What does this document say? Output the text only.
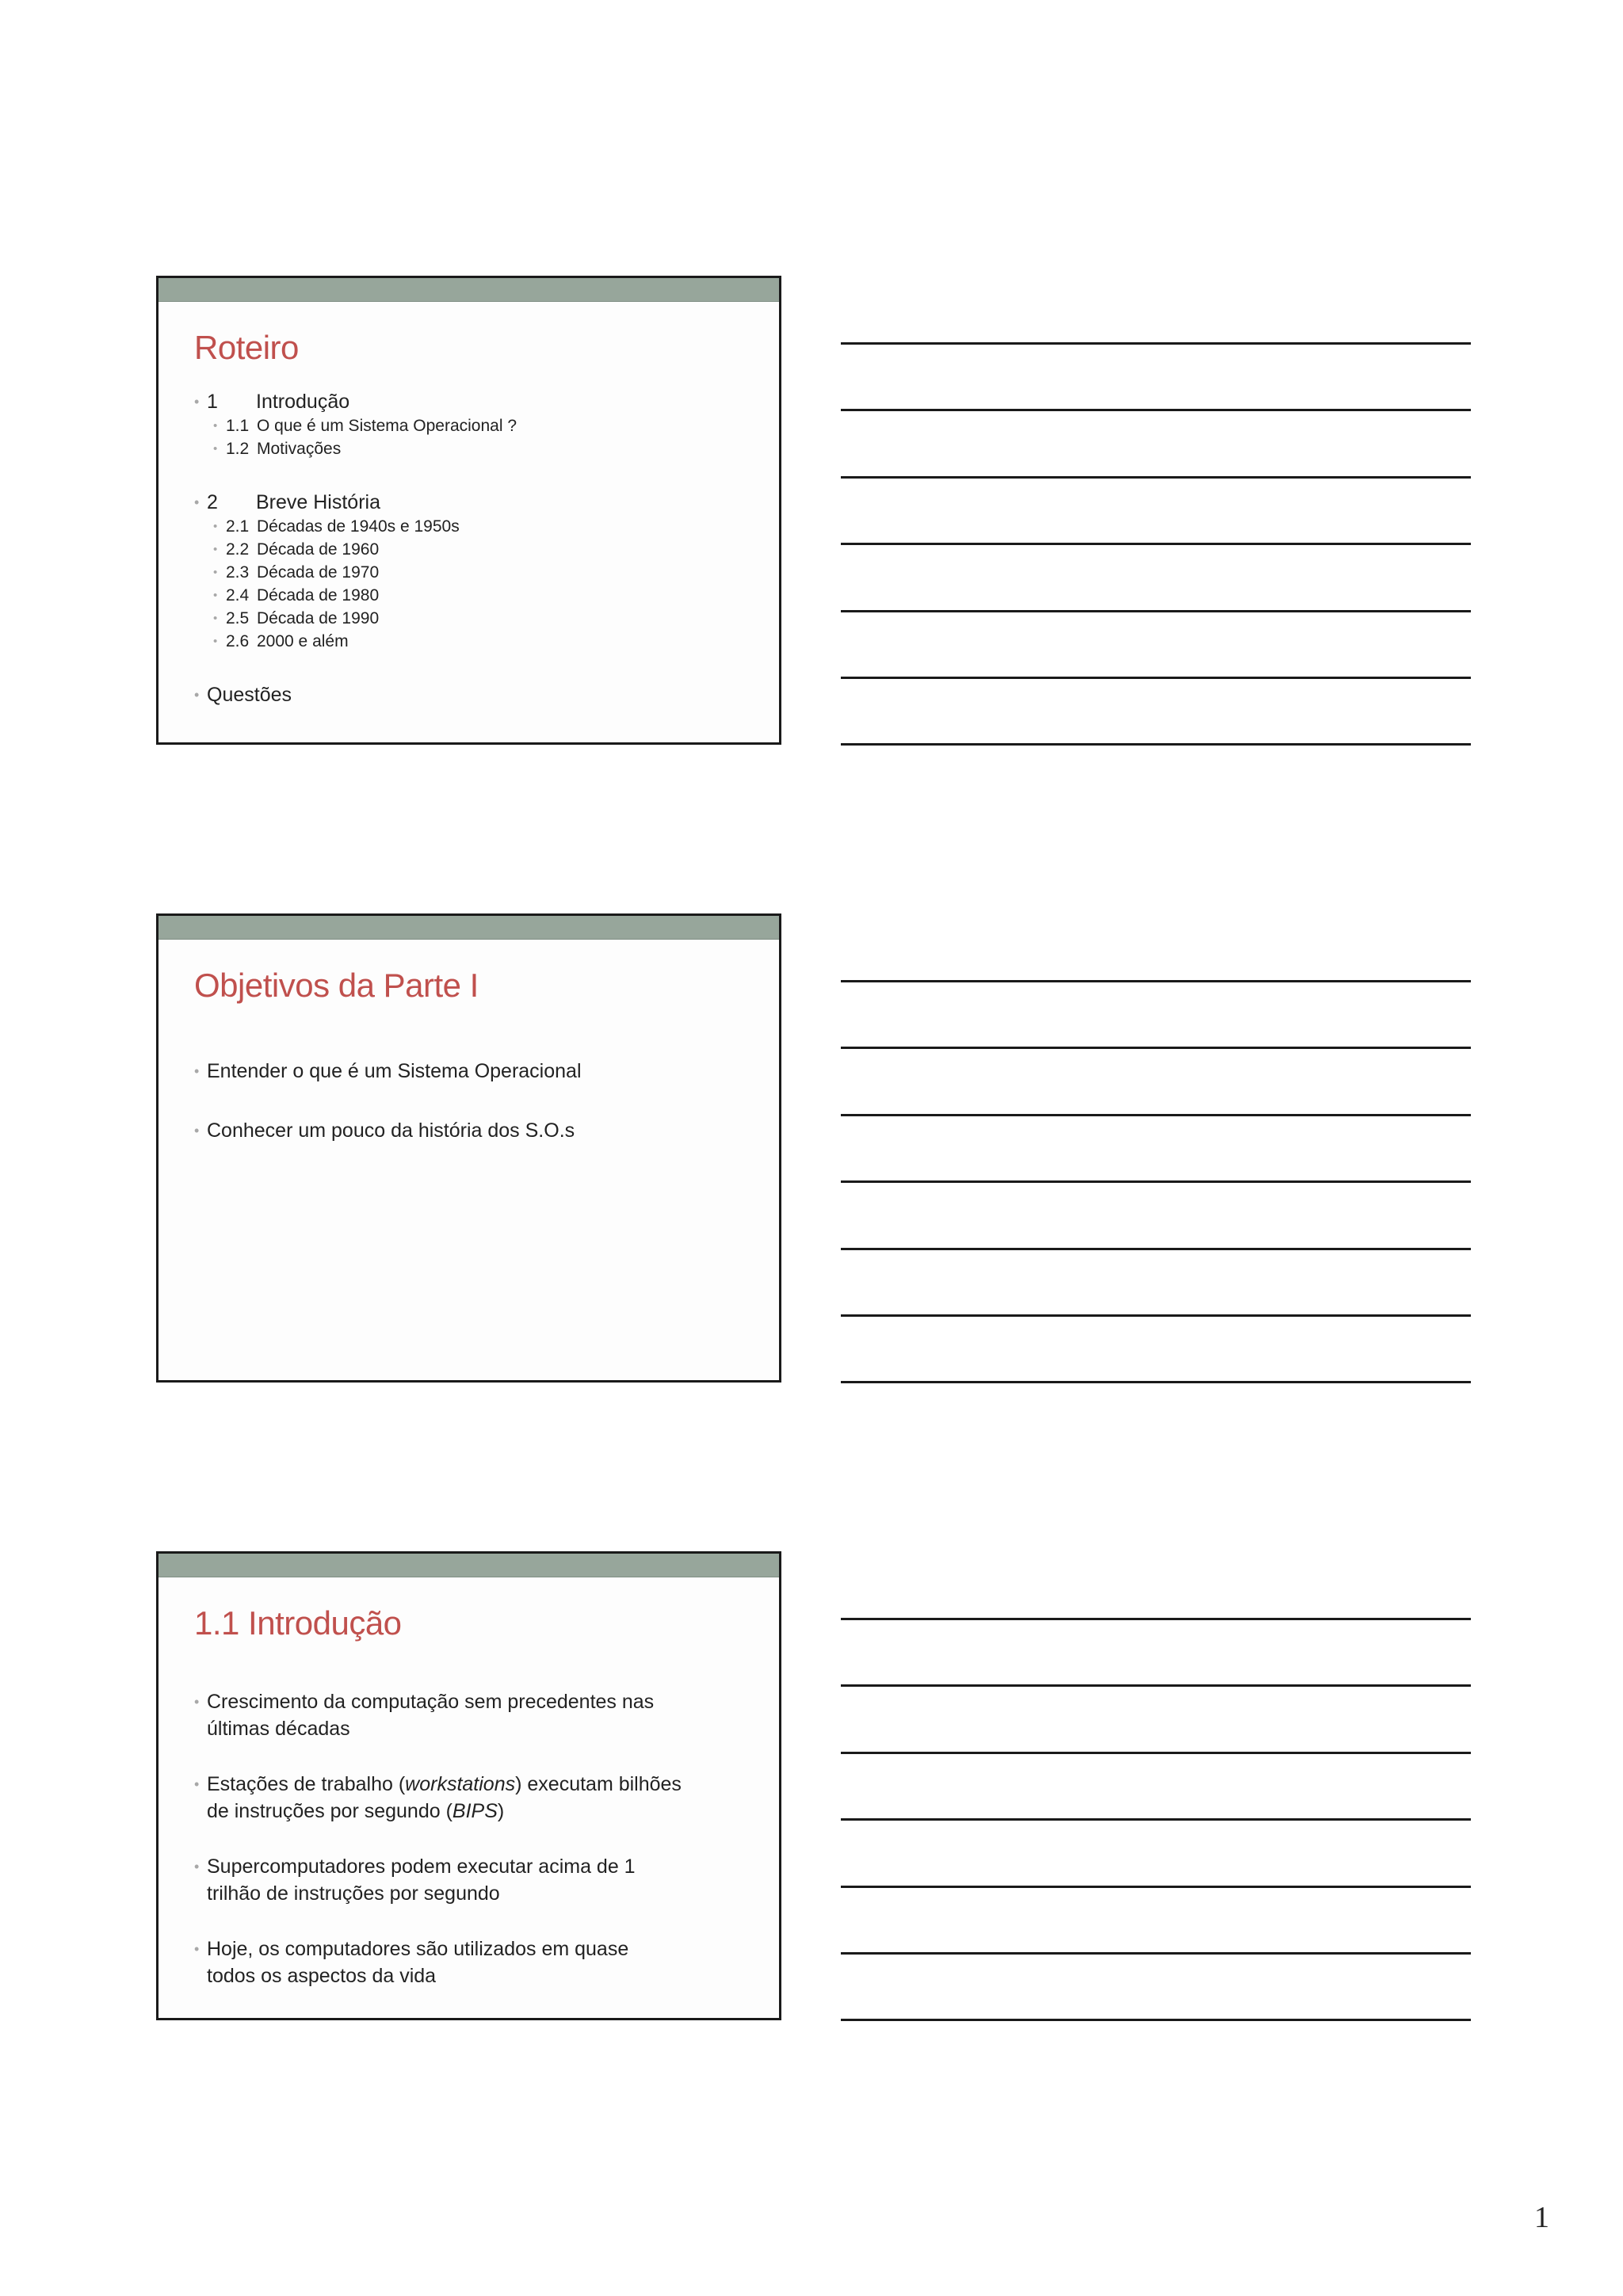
Roteiro
• 1 Introdução
• 1.1 O que é um Sistema Operacional ?
• 1.2 Motivações
• 2 Breve História
• 2.1 Décadas de 1940s e 1950s
• 2.2 Década de 1960
• 2.3 Década de 1970
• 2.4 Década de 1980
• 2.5 Década de 1990
• 2.6 2000 e além
• Questões
Objetivos da Parte I
• Entender o que é um Sistema Operacional
• Conhecer um pouco da história dos S.O.s
1.1 Introdução
• Crescimento da computação sem precedentes nas últimas décadas
• Estações de trabalho (workstations) executam bilhões de instruções por segundo (BIPS)
• Supercomputadores podem executar acima de 1 trilhão de instruções por segundo
• Hoje, os computadores são utilizados em quase todos os aspectos da vida
1
